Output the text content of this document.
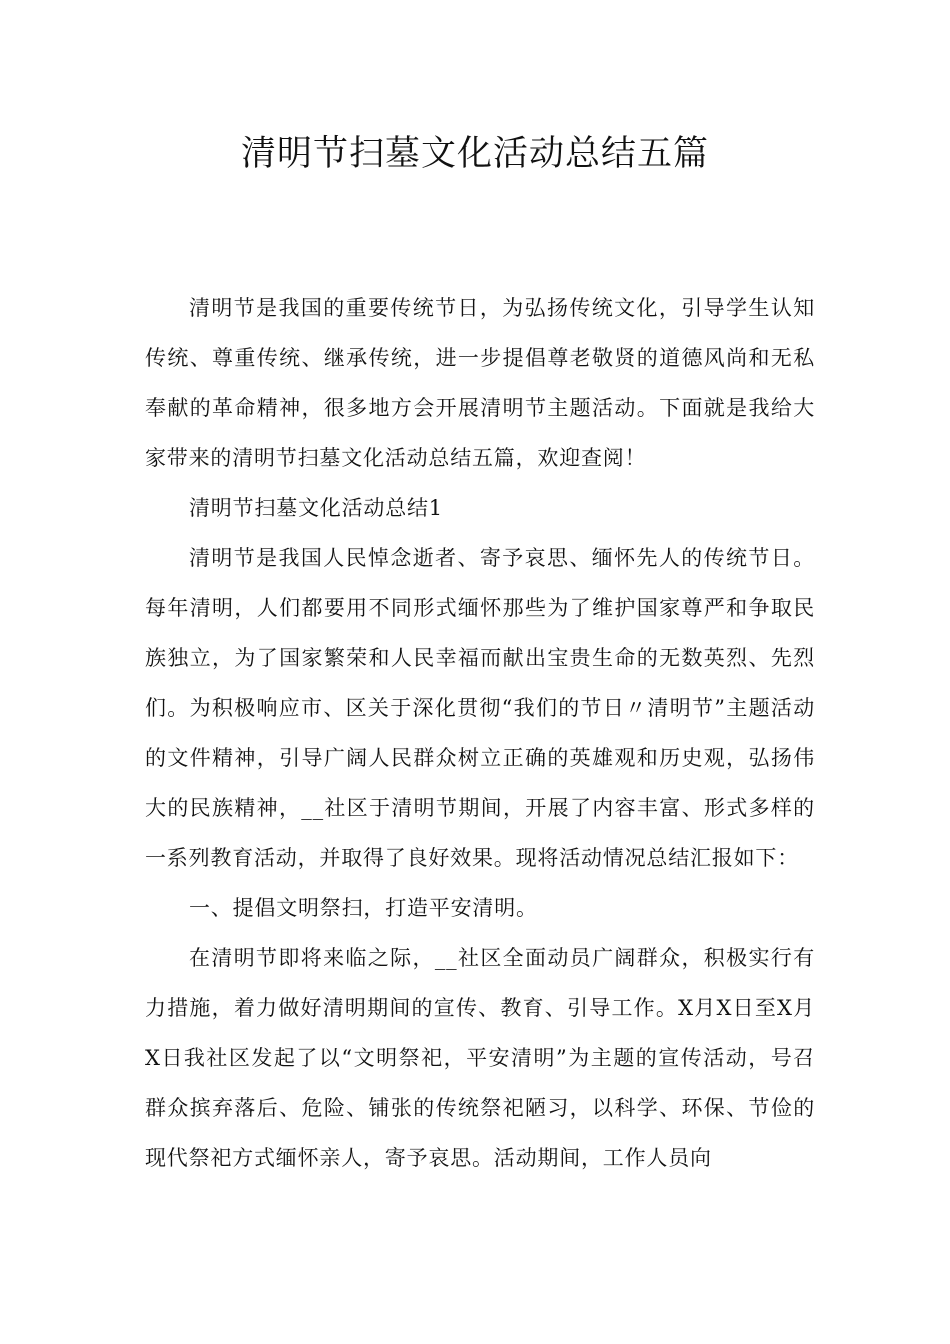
清明节扫墓文化活动总结五篇

清明节是我国的重要传统节日，为弘扬传统文化，引导学生认知传统、尊重传统、继承传统，进一步提倡尊老敬贤的道德风尚和无私奉献的革命精神，很多地方会开展清明节主题活动。下面就是我给大家带来的清明节扫墓文化活动总结五篇，欢迎查阅！

清明节扫墓文化活动总结1

清明节是我国人民悼念逝者、寄予哀思、缅怀先人的传统节日。每年清明，人们都要用不同形式缅怀那些为了维护国家尊严和争取民族独立，为了国家繁荣和人民幸福而献出宝贵生命的无数英烈、先烈们。为积极响应市、区关于深化贯彻“我们的节日〃清明节”主题活动的文件精神，引导广阔人民群众树立正确的英雄观和历史观，弘扬伟大的民族精神，__社区于清明节期间，开展了内容丰富、形式多样的一系列教育活动，并取得了良好效果。现将活动情况总结汇报如下：

一、提倡文明祭扫，打造平安清明。

在清明节即将来临之际，__社区全面动员广阔群众，积极实行有力措施，着力做好清明期间的宣传、教育、引导工作。X月X日至X月X日我社区发起了以“文明祭祀，平安清明”为主题的宣传活动，号召群众摈弃落后、危险、铺张的传统祭祀陋习，以科学、环保、节俭的现代祭祀方式缅怀亲人，寄予哀思。活动期间，工作人员向
